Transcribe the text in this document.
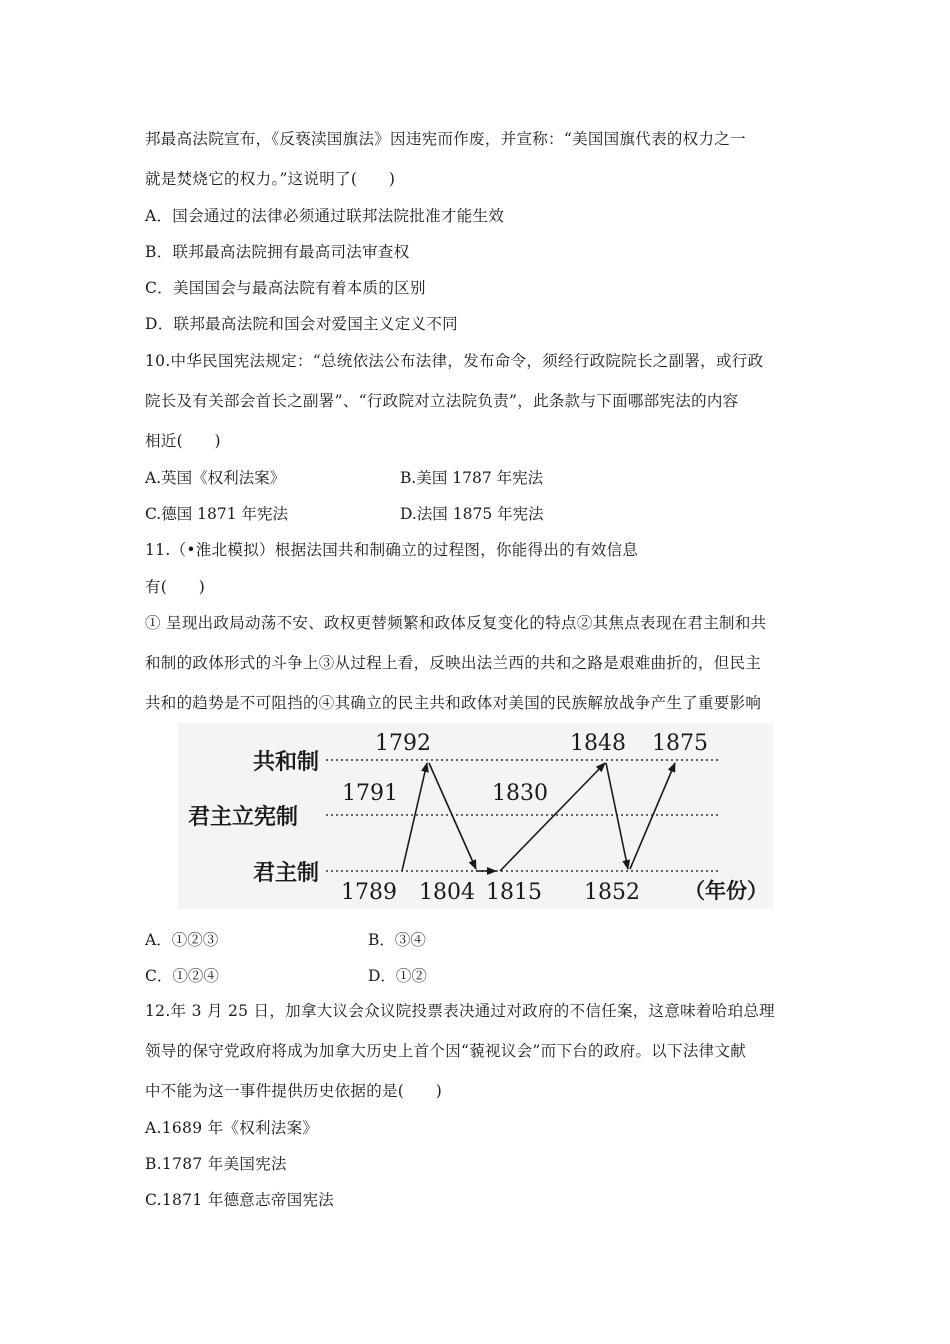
邦最高法院宣布，《反亵渎国旗法》因违宪而作废，并宣称：“美国国旗代表的权力之一
就是焚烧它的权力。”这说明了(　　)
A．国会通过的法律必须通过联邦法院批准才能生效
B．联邦最高法院拥有最高司法审查权
C．美国国会与最高法院有着本质的区别
D．联邦最高法院和国会对爱国主义定义不同
10.中华民国宪法规定：“总统依法公布法律，发布命令，须经行政院院长之副署，或行政
院长及有关部会首长之副署”、“行政院对立法院负责”，此条款与下面哪部宪法的内容
相近(　　)
A.英国《权利法案》	B.美国 1787 年宪法
C.德国 1871 年宪法	D.法国 1875 年宪法
11.（•淮北模拟）根据法国共和制确立的过程图，你能得出的有效信息
有(　　)
① 呈现出政局动荡不安、政权更替频繁和政体反复变化的特点②其焦点表现在君主制和共
和制的政体形式的斗争上③从过程上看，反映出法兰西的共和之路是艰难曲折的，但民主
共和的趋势是不可阻挡的④其确立的民主共和政体对美国的民族解放战争产生了重要影响
共和制
君主立宪制
君主制
1792	1848 1875
1791	1830
1789 1804 1815 1852 （年份）
A．①②③	B．③④
C．①②④	D．①②
12.年 3 月 25 日，加拿大议会众议院投票表决通过对政府的不信任案，这意味着哈珀总理
领导的保守党政府将成为加拿大历史上首个因“藐视议会”而下台的政府。以下法律文献
中不能为这一事件提供历史依据的是(　　)
A.1689 年《权利法案》
B.1787 年美国宪法
C.1871 年德意志帝国宪法
